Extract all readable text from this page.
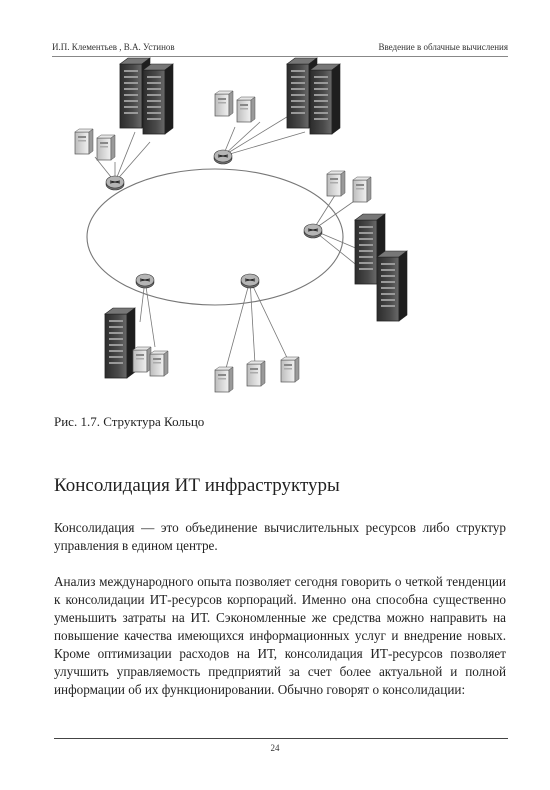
И.П. Клементьев , В.А. Устинов	Введение в облачные вычисления
Рис. 1.7. Структура Кольцо
Консолидация ИТ инфраструктуры

Консолидация — это объединение вычислительных ресурсов либо структур управления в едином центре.

Анализ международного опыта позволяет сегодня говорить о четкой тенденции к консолидации ИТ-ресурсов корпораций. Именно она способна существенно уменьшить затраты на ИТ. Сэкономленные же средства можно направить на повышение качества имеющихся информационных услуг и внедрение новых. Кроме оптимизации расходов на ИТ, консолидация ИТ-ресурсов позволяет улучшить управляемость предприятий за счет более актуальной и полной информации об их функционировании. Обычно говорят о консолидации:

24
